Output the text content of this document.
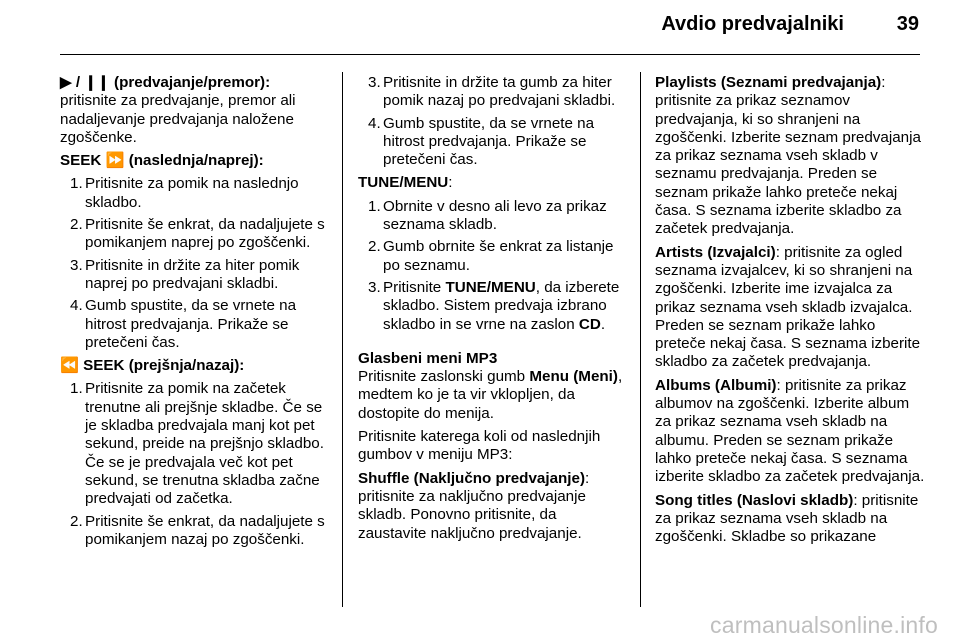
Avdio predvajalniki	39

▶ / ❙❙ (predvajanje/premor): pritisnite za predvajanje, premor ali nadaljevanje predvajanja naložene zgoščenke.

SEEK ⏩ (naslednja/naprej):

1. Pritisnite za pomik na naslednjo skladbo.
2. Pritisnite še enkrat, da nadaljujete s pomikanjem naprej po zgoščenki.
3. Pritisnite in držite za hiter pomik naprej po predvajani skladbi.
4. Gumb spustite, da se vrnete na hitrost predvajanja. Prikaže se pretečeni čas.

⏪ SEEK (prejšnja/nazaj):

1. Pritisnite za pomik na začetek trenutne ali prejšnje skladbe. Če se je skladba predvajala manj kot pet sekund, preide na prejšnjo skladbo. Če se je predvajala več kot pet sekund, se trenutna skladba začne predvajati od začetka.
2. Pritisnite še enkrat, da nadaljujete s pomikanjem nazaj po zgoščenki.
3. Pritisnite in držite ta gumb za hiter pomik nazaj po predvajani skladbi.
4. Gumb spustite, da se vrnete na hitrost predvajanja. Prikaže se pretečeni čas.

TUNE/MENU:

1. Obrnite v desno ali levo za prikaz seznama skladb.
2. Gumb obrnite še enkrat za listanje po seznamu.
3. Pritisnite TUNE/MENU, da izberete skladbo. Sistem predvaja izbrano skladbo in se vrne na zaslon CD.

Glasbeni meni MP3

Pritisnite zaslonski gumb Menu (Meni), medtem ko je ta vir vklopljen, da dostopite do menija.

Pritisnite katerega koli od naslednjih gumbov v meniju MP3:

Shuffle (Naključno predvajanje): pritisnite za naključno predvajanje skladb. Ponovno pritisnite, da zaustavite naključno predvajanje.

Playlists (Seznami predvajanja): pritisnite za prikaz seznamov predvajanja, ki so shranjeni na zgoščenki. Izberite seznam predvajanja za prikaz seznama vseh skladb v seznamu predvajanja. Preden se seznam prikaže lahko preteče nekaj časa. S seznama izberite skladbo za začetek predvajanja.

Artists (Izvajalci): pritisnite za ogled seznama izvajalcev, ki so shranjeni na zgoščenki. Izberite ime izvajalca za prikaz seznama vseh skladb izvajalca. Preden se seznam prikaže lahko preteče nekaj časa. S seznama izberite skladbo za začetek predvajanja.

Albums (Albumi): pritisnite za prikaz albumov na zgoščenki. Izberite album za prikaz seznama vseh skladb na albumu. Preden se seznam prikaže lahko preteče nekaj časa. S seznama izberite skladbo za začetek predvajanja.

Song titles (Naslovi skladb): pritisnite za prikaz seznama vseh skladb na zgoščenki. Skladbe so prikazane

carmanualsonline.info
